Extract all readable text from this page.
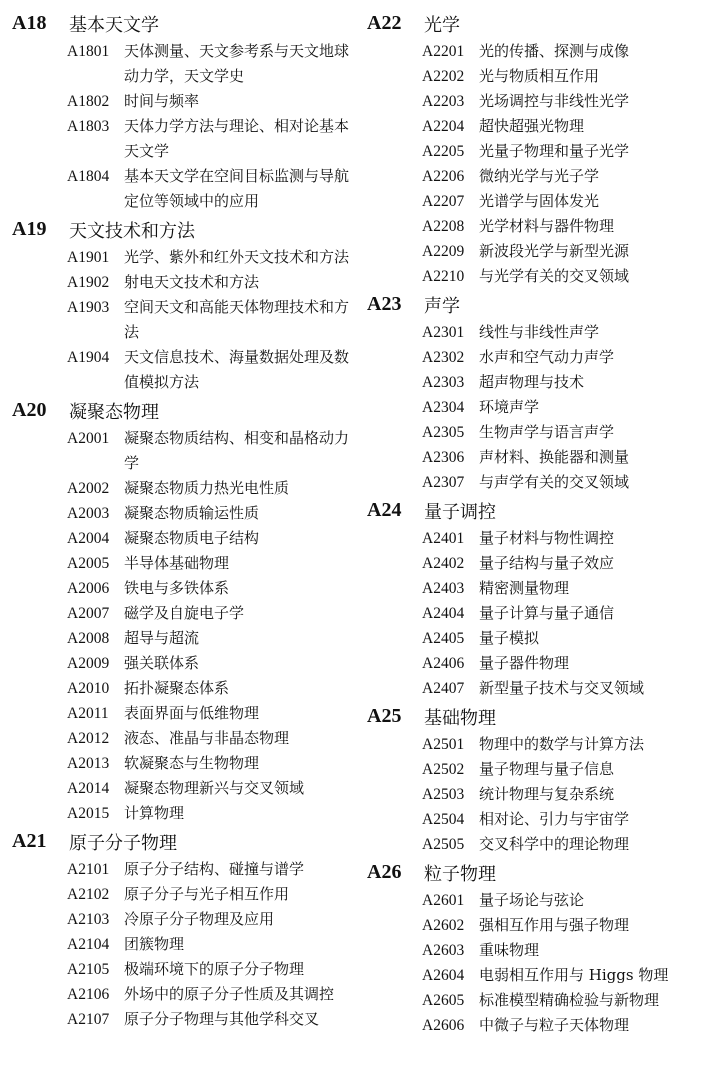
A18	基本天文学
A1801 天体测量、天文参考系与天文地球动力学，天文学史
A1802 时间与频率
A1803 天体力学方法与理论、相对论基本天文学
A1804 基本天文学在空间目标监测与导航定位等领域中的应用
A19	天文技术和方法
A1901 光学、紫外和红外天文技术和方法
A1902 射电天文技术和方法
A1903 空间天文和高能天体物理技术和方法
A1904 天文信息技术、海量数据处理及数值模拟方法
A20	凝聚态物理
A2001 凝聚态物质结构、相变和晶格动力学
A2002 凝聚态物质力热光电性质
A2003 凝聚态物质输运性质
A2004 凝聚态物质电子结构
A2005 半导体基础物理
A2006 铁电与多铁体系
A2007 磁学及自旋电子学
A2008 超导与超流
A2009 强关联体系
A2010 拓扑凝聚态体系
A2011	表面界面与低维物理
A2012 液态、准晶与非晶态物理
A2013 软凝聚态与生物物理
A2014 凝聚态物理新兴与交叉领域
A2015 计算物理
A21	原子分子物理
A2101 原子分子结构、碰撞与谱学
A2102 原子分子与光子相互作用
A2103 冷原子分子物理及应用
A2104 团簇物理
A2105 极端环境下的原子分子物理
A2106 外场中的原子分子性质及其调控
A2107 原子分子物理与其他学科交叉
A22	光学
A2201 光的传播、探测与成像
A2202 光与物质相互作用
A2203 光场调控与非线性光学
A2204 超快超强光物理
A2205 光量子物理和量子光学
A2206 微纳光学与光子学
A2207 光谱学与固体发光
A2208 光学材料与器件物理
A2209 新波段光学与新型光源
A2210 与光学有关的交叉领域
A23	声学
A2301 线性与非线性声学
A2302 水声和空气动力声学
A2303 超声物理与技术
A2304 环境声学
A2305 生物声学与语言声学
A2306 声材料、换能器和测量
A2307 与声学有关的交叉领域
A24	量子调控
A2401 量子材料与物性调控
A2402 量子结构与量子效应
A2403 精密测量物理
A2404 量子计算与量子通信
A2405 量子模拟
A2406 量子器件物理
A2407 新型量子技术与交叉领域
A25	基础物理
A2501 物理中的数学与计算方法
A2502 量子物理与量子信息
A2503 统计物理与复杂系统
A2504 相对论、引力与宇宙学
A2505 交叉科学中的理论物理
A26	粒子物理
A2601 量子场论与弦论
A2602 强相互作用与强子物理
A2603 重味物理
A2604 电弱相互作用与 Higgs 物理
A2605 标准模型精确检验与新物理
A2606 中微子与粒子天体物理
